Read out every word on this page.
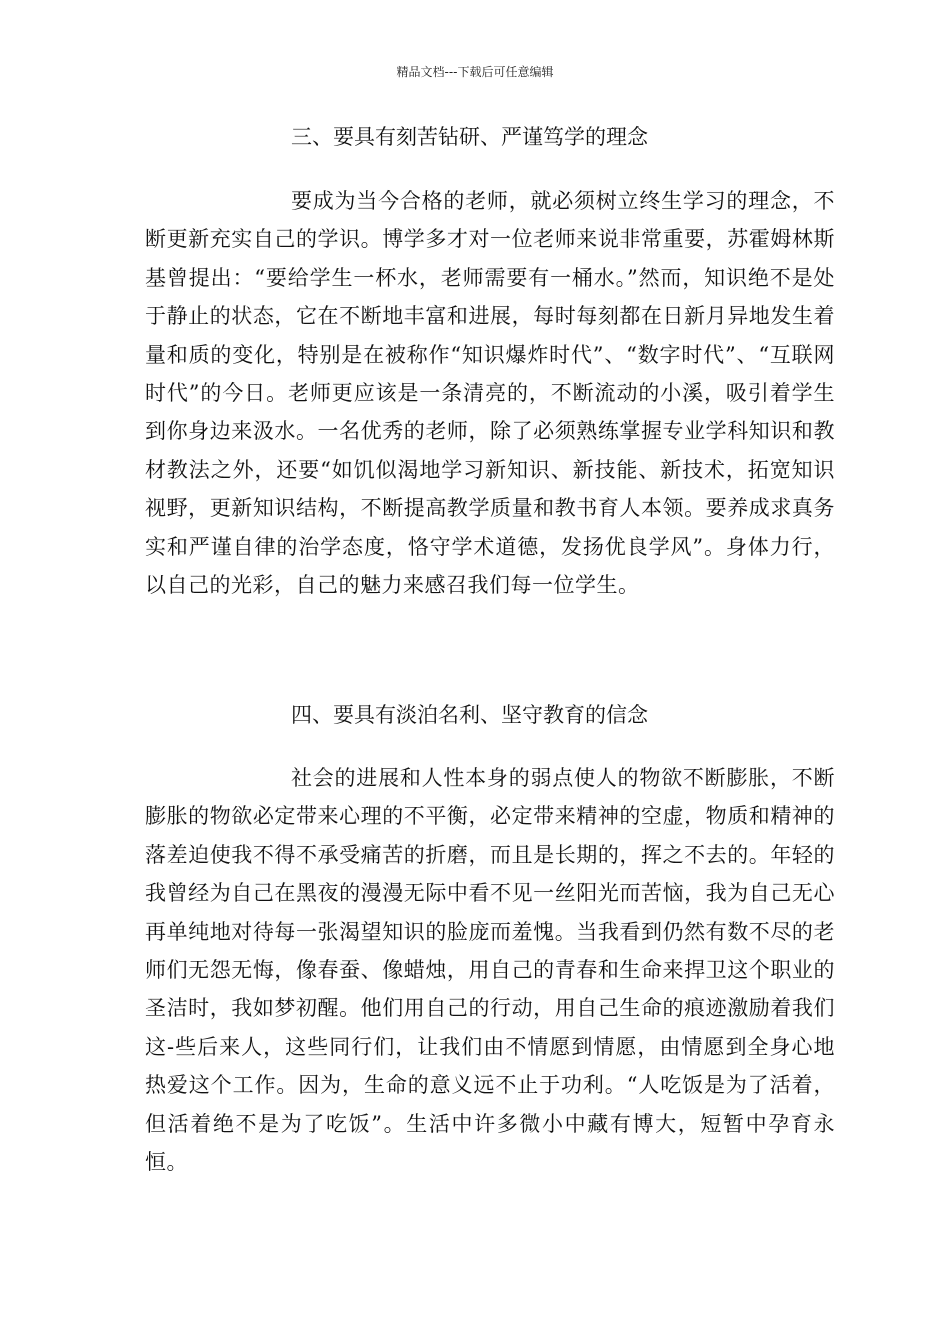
精品文档---下载后可任意编辑
三、要具有刻苦钻研、严谨笃学的理念

要成为当今合格的老师，就必须树立终生学习的理念，不断更新充实自己的学识。博学多才对一位老师来说非常重要，苏霍姆林斯基曾提出：“要给学生一杯水，老师需要有一桶水。”然而，知识绝不是处于静止的状态，它在不断地丰富和进展，每时每刻都在日新月异地发生着量和质的变化，特别是在被称作“知识爆炸时代”、“数字时代”、“互联网时代”的今日。老师更应该是一条清亮的，不断流动的小溪，吸引着学生到你身边来汲水。一名优秀的老师，除了必须熟练掌握专业学科知识和教材教法之外，还要“如饥似渴地学习新知识、新技能、新技术，拓宽知识视野，更新知识结构，不断提高教学质量和教书育人本领。要养成求真务实和严谨自律的治学态度，恪守学术道德，发扬优良学风”。身体力行，以自己的光彩，自己的魅力来感召我们每一位学生。

四、要具有淡泊名利、坚守教育的信念

社会的进展和人性本身的弱点使人的物欲不断膨胀，不断膨胀的物欲必定带来心理的不平衡，必定带来精神的空虚，物质和精神的落差迫使我不得不承受痛苦的折磨，而且是长期的，挥之不去的。年轻的我曾经为自己在黑夜的漫漫无际中看不见一丝阳光而苦恼，我为自己无心再单纯地对待每一张渴望知识的脸庞而羞愧。当我看到仍然有数不尽的老师们无怨无悔，像春蚕、像蜡烛，用自己的青春和生命来捍卫这个职业的圣洁时，我如梦初醒。他们用自己的行动，用自己生命的痕迹激励着我们这-些后来人，这些同行们，让我们由不情愿到情愿，由情愿到全身心地热爱这个工作。因为，生命的意义远不止于功利。“人吃饭是为了活着，但活着绝不是为了吃饭”。生活中许多微小中藏有博大，短暂中孕育永恒。
